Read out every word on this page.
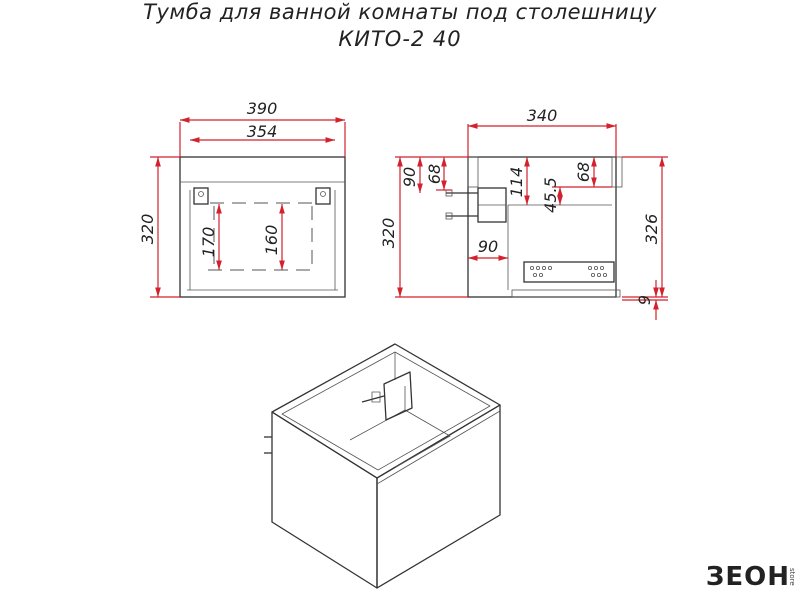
Тумба для ванной комнаты под столешницу
КИТО-2 40
390
354
320	170	160
340
320
90 68	114 45.5
68
90
326
9
ЗЕОН
store
